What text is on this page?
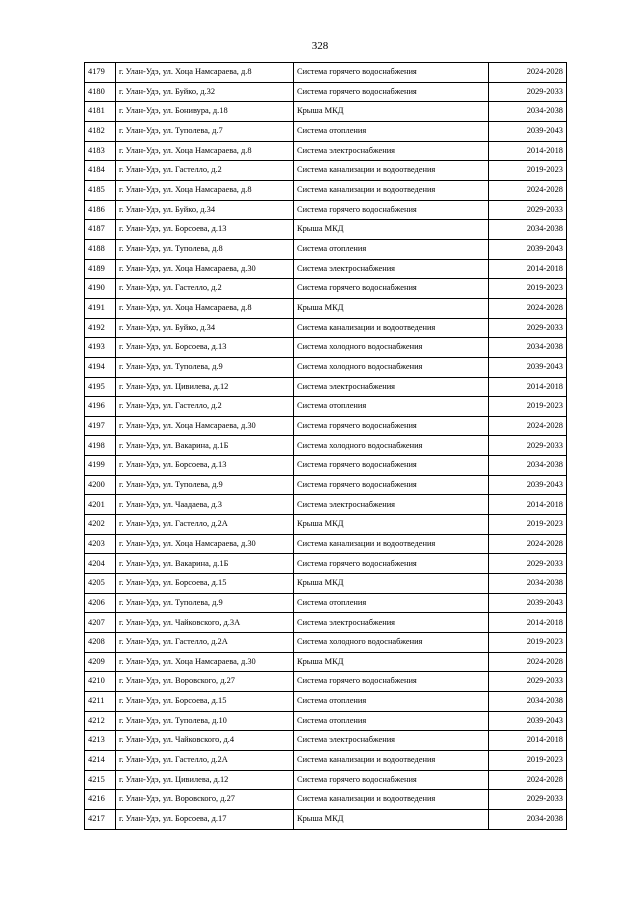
328
4179	г. Улан-Удэ, ул. Хоца Намсараева, д.8	Система горячего водоснабжения	2024-2028
4180	г. Улан-Удэ, ул. Буйко, д.32	Система горячего водоснабжения	2029-2033
4181	г. Улан-Удэ, ул. Бонивура, д.18	Крыша МКД	2034-2038
4182	г. Улан-Удэ, ул. Туполева, д.7	Система отопления	2039-2043
4183	г. Улан-Удэ, ул. Хоца Намсараева, д.8	Система электроснабжения	2014-2018
4184	г. Улан-Удэ, ул. Гастелло, д.2	Система канализации и водоотведения	2019-2023
4185	г. Улан-Удэ, ул. Хоца Намсараева, д.8	Система канализации и водоотведения	2024-2028
4186	г. Улан-Удэ, ул. Буйко, д.34	Система горячего водоснабжения	2029-2033
4187	г. Улан-Удэ, ул. Борсоева, д.13	Крыша МКД	2034-2038
4188	г. Улан-Удэ, ул. Туполева, д.8	Система отопления	2039-2043
4189	г. Улан-Удэ, ул. Хоца Намсараева, д.30	Система электроснабжения	2014-2018
4190	г. Улан-Удэ, ул. Гастелло, д.2	Система горячего водоснабжения	2019-2023
4191	г. Улан-Удэ, ул. Хоца Намсараева, д.8	Крыша МКД	2024-2028
4192	г. Улан-Удэ, ул. Буйко, д.34	Система канализации и водоотведения	2029-2033
4193	г. Улан-Удэ, ул. Борсоева, д.13	Система холодного водоснабжения	2034-2038
4194	г. Улан-Удэ, ул. Туполева, д.9	Система холодного водоснабжения	2039-2043
4195	г. Улан-Удэ, ул. Цивилева, д.12	Система электроснабжения	2014-2018
4196	г. Улан-Удэ, ул. Гастелло, д.2	Система отопления	2019-2023
4197	г. Улан-Удэ, ул. Хоца Намсараева, д.30	Система горячего водоснабжения	2024-2028
4198	г. Улан-Удэ, ул. Вакарина, д.1Б	Система холодного водоснабжения	2029-2033
4199	г. Улан-Удэ, ул. Борсоева, д.13	Система горячего водоснабжения	2034-2038
4200	г. Улан-Удэ, ул. Туполева, д.9	Система горячего водоснабжения	2039-2043
4201	г. Улан-Удэ, ул. Чаадаева, д.3	Система электроснабжения	2014-2018
4202	г. Улан-Удэ, ул. Гастелло, д.2А	Крыша МКД	2019-2023
4203	г. Улан-Удэ, ул. Хоца Намсараева, д.30	Система канализации и водоотведения	2024-2028
4204	г. Улан-Удэ, ул. Вакарина, д.1Б	Система горячего водоснабжения	2029-2033
4205	г. Улан-Удэ, ул. Борсоева, д.15	Крыша МКД	2034-2038
4206	г. Улан-Удэ, ул. Туполева, д.9	Система отопления	2039-2043
4207	г. Улан-Удэ, ул. Чайковского, д.3А	Система электроснабжения	2014-2018
4208	г. Улан-Удэ, ул. Гастелло, д.2А	Система холодного водоснабжения	2019-2023
4209	г. Улан-Удэ, ул. Хоца Намсараева, д.30	Крыша МКД	2024-2028
4210	г. Улан-Удэ, ул. Воровского, д.27	Система горячего водоснабжения	2029-2033
4211	г. Улан-Удэ, ул. Борсоева, д.15	Система отопления	2034-2038
4212	г. Улан-Удэ, ул. Туполева, д.10	Система отопления	2039-2043
4213	г. Улан-Удэ, ул. Чайковского, д.4	Система электроснабжения	2014-2018
4214	г. Улан-Удэ, ул. Гастелло, д.2А	Система канализации и водоотведения	2019-2023
4215	г. Улан-Удэ, ул. Цивилева, д.12	Система горячего водоснабжения	2024-2028
4216	г. Улан-Удэ, ул. Воровского, д.27	Система канализации и водоотведения	2029-2033
4217	г. Улан-Удэ, ул. Борсоева, д.17	Крыша МКД	2034-2038
